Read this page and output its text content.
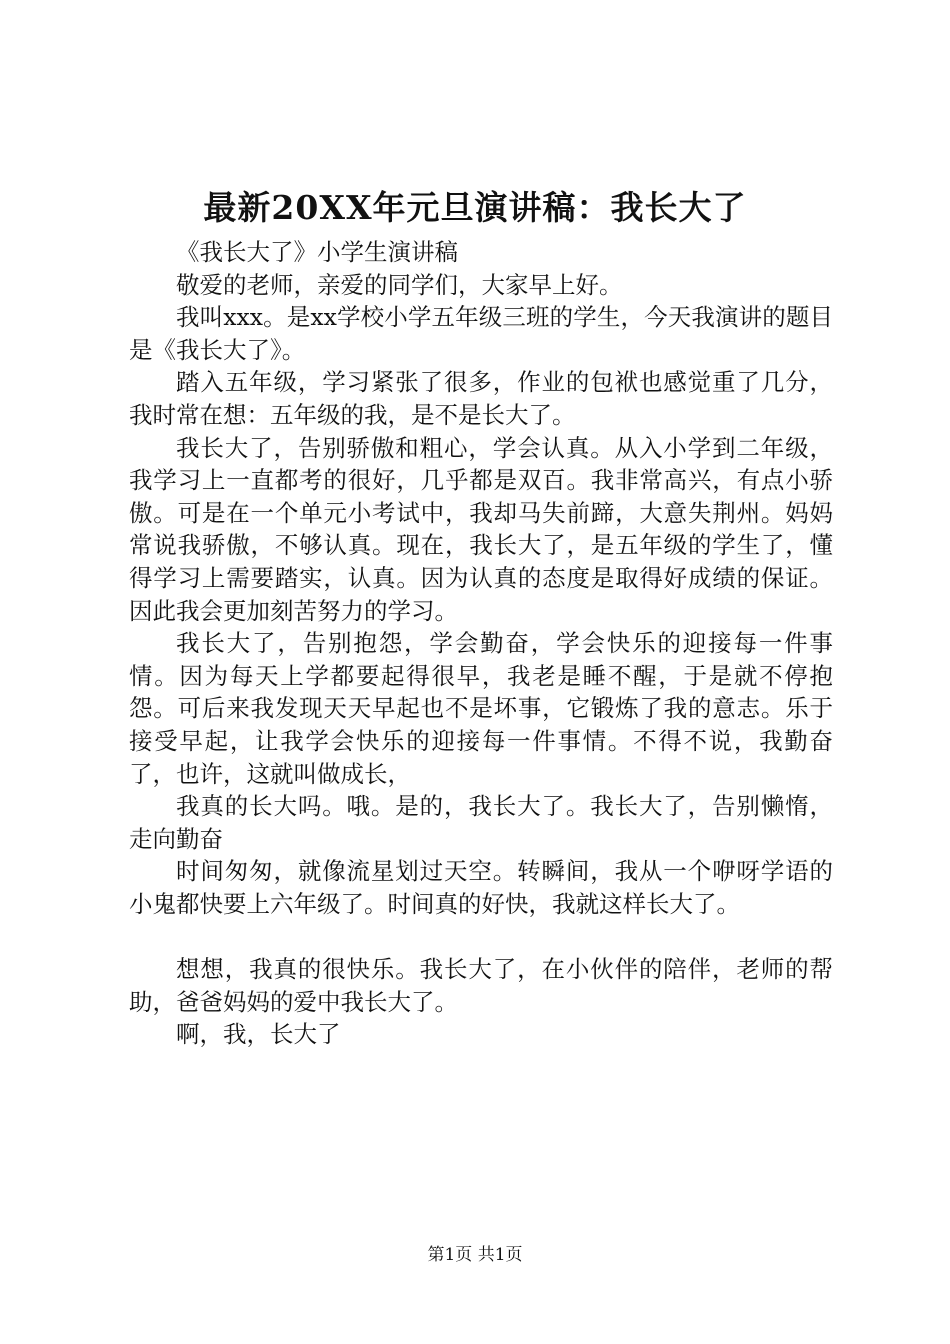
最新20XX年元旦演讲稿：我长大了

《我长大了》小学生演讲稿

敬爱的老师，亲爱的同学们，大家早上好。

我叫xxx。是xx学校小学五年级三班的学生，今天我演讲的题目是《我长大了》。

踏入五年级，学习紧张了很多，作业的包袱也感觉重了几分，我时常在想：五年级的我，是不是长大了。

我长大了，告别骄傲和粗心，学会认真。从入小学到二年级，我学习上一直都考的很好，几乎都是双百。我非常高兴，有点小骄傲。可是在一个单元小考试中，我却马失前蹄，大意失荆州。妈妈常说我骄傲，不够认真。现在，我长大了，是五年级的学生了，懂得学习上需要踏实，认真。因为认真的态度是取得好成绩的保证。因此我会更加刻苦努力的学习。

我长大了，告别抱怨，学会勤奋，学会快乐的迎接每一件事情。因为每天上学都要起得很早，我老是睡不醒，于是就不停抱怨。可后来我发现天天早起也不是坏事，它锻炼了我的意志。乐于接受早起，让我学会快乐的迎接每一件事情。不得不说，我勤奋了，也许，这就叫做成长，

我真的长大吗。哦。是的，我长大了。我长大了，告别懒惰，走向勤奋

时间匆匆，就像流星划过天空。转瞬间，我从一个咿呀学语的小鬼都快要上六年级了。时间真的好快，我就这样长大了。

想想，我真的很快乐。我长大了，在小伙伴的陪伴，老师的帮助，爸爸妈妈的爱中我长大了。

啊，我，长大了

第1页 共1页
